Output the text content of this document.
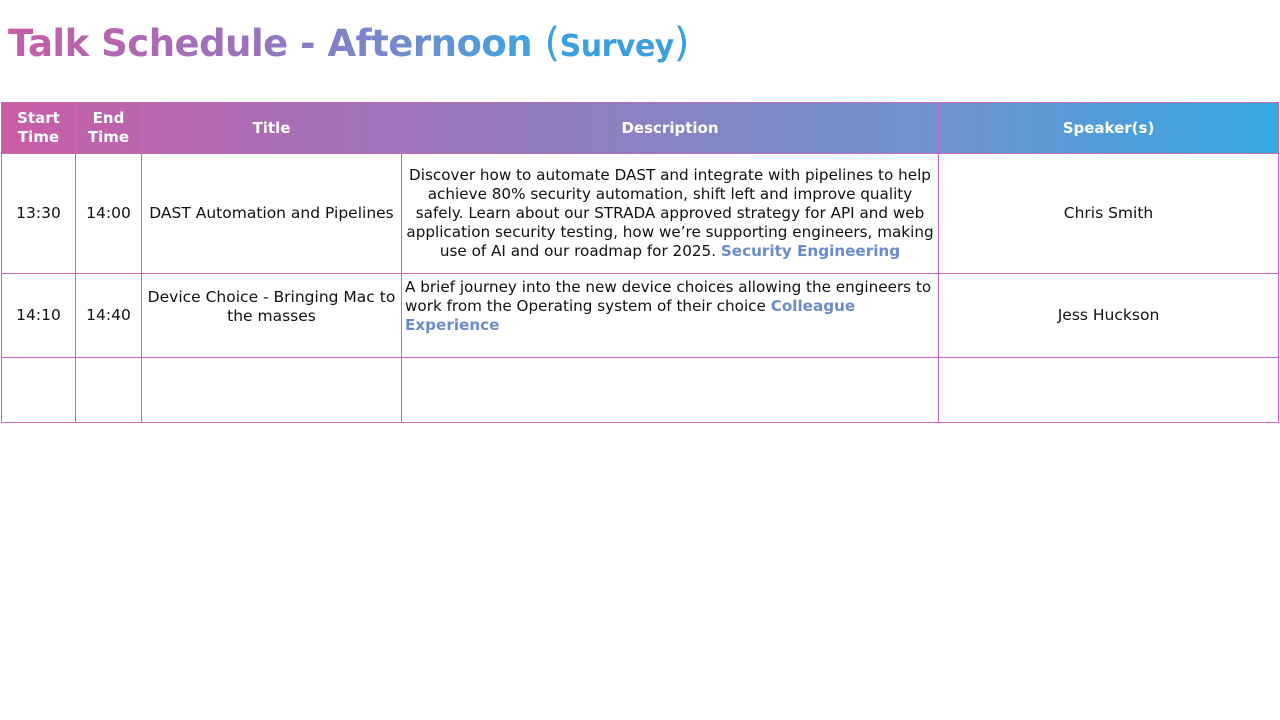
Talk Schedule - Afternoon (Survey)
Start Time	End Time	Title	Description	Speaker(s)
13:30	14:00	DAST Automation and Pipelines	Discover how to automate DAST and integrate with pipelines to help achieve 80% security automation, shift left and improve quality safely. Learn about our STRADA approved strategy for API and web application security testing, how we’re supporting engineers, making use of AI and our roadmap for 2025. Security Engineering	Chris Smith
14:10	14:40	Device Choice - Bringing Mac to the masses	A brief journey into the new device choices allowing the engineers to work from the Operating system of their choice Colleague Experience	Jess Huckson
